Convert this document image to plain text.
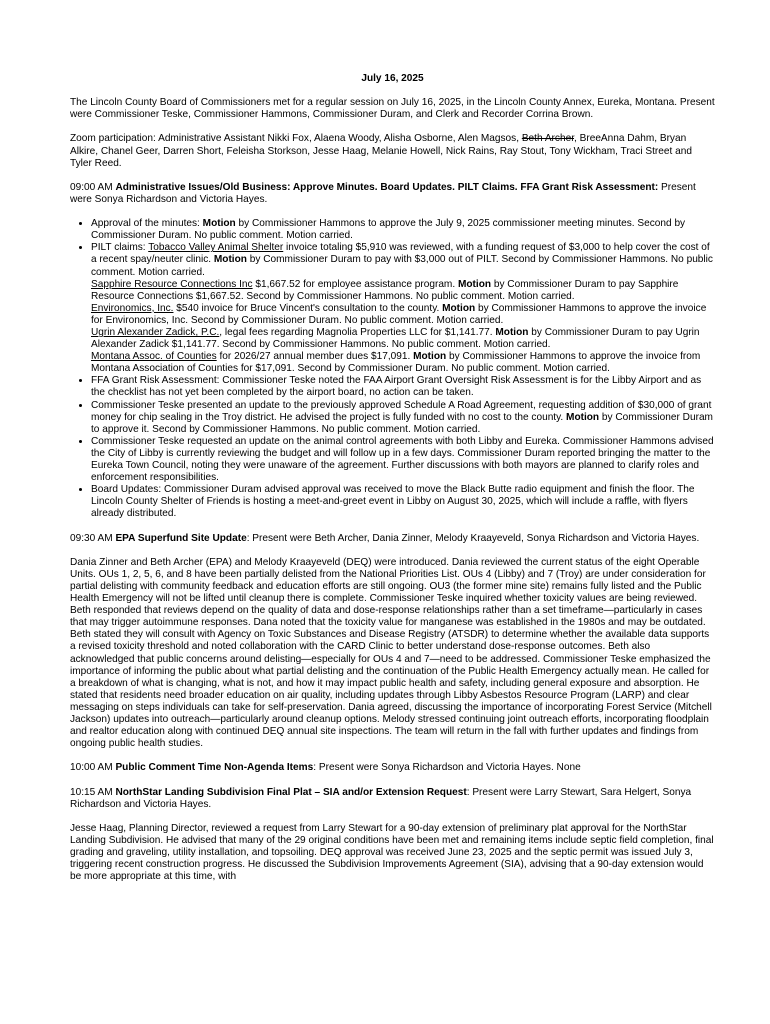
July 16, 2025

The Lincoln County Board of Commissioners met for a regular session on July 16, 2025, in the Lincoln County Annex, Eureka, Montana. Present were Commissioner Teske, Commissioner Hammons, Commissioner Duram, and Clerk and Recorder Corrina Brown.

Zoom participation: Administrative Assistant Nikki Fox, Alaena Woody, Alisha Osborne, Alen Magsos, Beth Archer, BreeAnna Dahm, Bryan Alkire, Chanel Geer, Darren Short, Feleisha Storkson, Jesse Haag, Melanie Howell, Nick Rains, Ray Stout, Tony Wickham, Traci Street and Tyler Reed.

09:00 AM Administrative Issues/Old Business: Approve Minutes. Board Updates. PILT Claims. FFA Grant Risk Assessment: Present were Sonya Richardson and Victoria Hayes.

• Approval of the minutes: Motion by Commissioner Hammons to approve the July 9, 2025 commissioner meeting minutes. Second by Commissioner Duram. No public comment. Motion carried.
• PILT claims: Tobacco Valley Animal Shelter invoice totaling $5,910 was reviewed, with a funding request of $3,000 to help cover the cost of a recent spay/neuter clinic. Motion by Commissioner Duram to pay with $3,000 out of PILT. Second by Commissioner Hammons. No public comment. Motion carried.
Sapphire Resource Connections Inc $1,667.52 for employee assistance program. Motion by Commissioner Duram to pay Sapphire Resource Connections $1,667.52. Second by Commissioner Hammons. No public comment. Motion carried.
Environomics, Inc. $540 invoice for Bruce Vincent's consultation to the county. Motion by Commissioner Hammons to approve the invoice for Environomics, Inc. Second by Commissioner Duram. No public comment. Motion carried.
Ugrin Alexander Zadick, P.C., legal fees regarding Magnolia Properties LLC for $1,141.77. Motion by Commissioner Duram to pay Ugrin Alexander Zadick $1,141.77. Second by Commissioner Hammons. No public comment. Motion carried.
Montana Assoc. of Counties for 2026/27 annual member dues $17,091. Motion by Commissioner Hammons to approve the invoice from Montana Association of Counties for $17,091. Second by Commissioner Duram. No public comment. Motion carried.
• FFA Grant Risk Assessment: Commissioner Teske noted the FAA Airport Grant Oversight Risk Assessment is for the Libby Airport and as the checklist has not yet been completed by the airport board, no action can be taken.
• Commissioner Teske presented an update to the previously approved Schedule A Road Agreement, requesting addition of $30,000 of grant money for chip sealing in the Troy district. He advised the project is fully funded with no cost to the county. Motion by Commissioner Duram to approve it. Second by Commissioner Hammons. No public comment. Motion carried.
• Commissioner Teske requested an update on the animal control agreements with both Libby and Eureka. Commissioner Hammons advised the City of Libby is currently reviewing the budget and will follow up in a few days. Commissioner Duram reported bringing the matter to the Eureka Town Council, noting they were unaware of the agreement. Further discussions with both mayors are planned to clarify roles and enforcement responsibilities.
• Board Updates: Commissioner Duram advised approval was received to move the Black Butte radio equipment and finish the floor. The Lincoln County Shelter of Friends is hosting a meet-and-greet event in Libby on August 30, 2025, which will include a raffle, with flyers already distributed.

09:30 AM EPA Superfund Site Update: Present were Beth Archer, Dania Zinner, Melody Kraayeveld, Sonya Richardson and Victoria Hayes.

Dania Zinner and Beth Archer (EPA) and Melody Kraayeveld (DEQ) were introduced. Dania reviewed the current status of the eight Operable Units. OUs 1, 2, 5, 6, and 8 have been partially delisted from the National Priorities List. OUs 4 (Libby) and 7 (Troy) are under consideration for partial delisting with community feedback and education efforts are still ongoing. OU3 (the former mine site) remains fully listed and the Public Health Emergency will not be lifted until cleanup there is complete. Commissioner Teske inquired whether toxicity values are being reviewed. Beth responded that reviews depend on the quality of data and dose-response relationships rather than a set timeframe—particularly in cases that may trigger autoimmune responses. Dana noted that the toxicity value for manganese was established in the 1980s and may be outdated. Beth stated they will consult with Agency on Toxic Substances and Disease Registry (ATSDR) to determine whether the available data supports a revised toxicity threshold and noted collaboration with the CARD Clinic to better understand dose-response outcomes. Beth also acknowledged that public concerns around delisting—especially for OUs 4 and 7—need to be addressed. Commissioner Teske emphasized the importance of informing the public about what partial delisting and the continuation of the Public Health Emergency actually mean. He called for a breakdown of what is changing, what is not, and how it may impact public health and safety, including general exposure and absorption. He stated that residents need broader education on air quality, including updates through Libby Asbestos Resource Program (LARP) and clear messaging on steps individuals can take for self-preservation. Dania agreed, discussing the importance of incorporating Forest Service (Mitchell Jackson) updates into outreach—particularly around cleanup options. Melody stressed continuing joint outreach efforts, incorporating floodplain and realtor education along with continued DEQ annual site inspections. The team will return in the fall with further updates and findings from ongoing public health studies.

10:00 AM Public Comment Time Non-Agenda Items: Present were Sonya Richardson and Victoria Hayes. None

10:15 AM NorthStar Landing Subdivision Final Plat – SIA and/or Extension Request: Present were Larry Stewart, Sara Helgert, Sonya Richardson and Victoria Hayes.

Jesse Haag, Planning Director, reviewed a request from Larry Stewart for a 90-day extension of preliminary plat approval for the NorthStar Landing Subdivision. He advised that many of the 29 original conditions have been met and remaining items include septic field completion, final grading and graveling, utility installation, and topsoiling. DEQ approval was received June 23, 2025 and the septic permit was issued July 3, triggering recent construction progress. He discussed the Subdivision Improvements Agreement (SIA), advising that a 90-day extension would be more appropriate at this time, with
